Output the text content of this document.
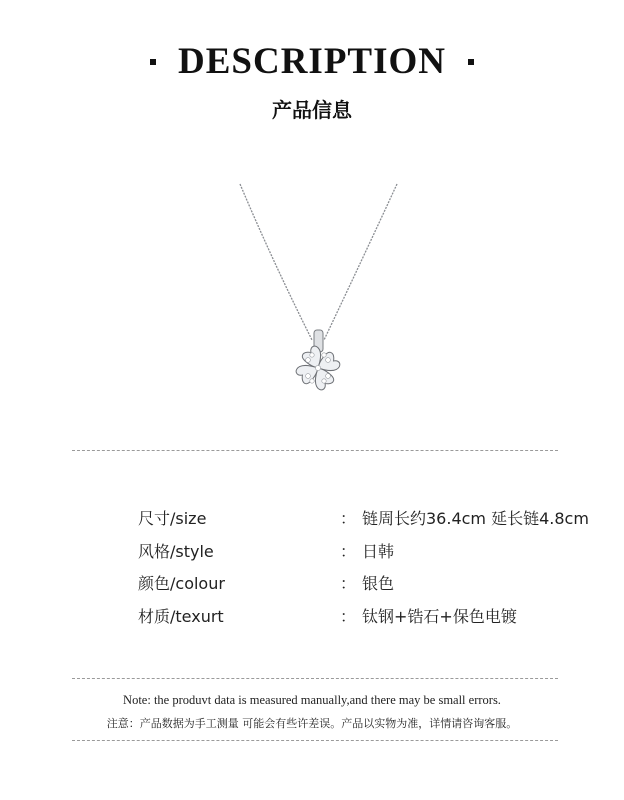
DESCRIPTION
产品信息
尺寸/size	： 链周长约36.4cm 延长链4.8cm
风格/style	： 日韩
颜色/colour	： 银色
材质/texurt	： 钛钢+锆石+保色电镀
Note: the produvt data is measured manually,and there may be small errors.
注意：产品数据为手工测量 可能会有些许差误。产品以实物为准，详情请咨询客服。
